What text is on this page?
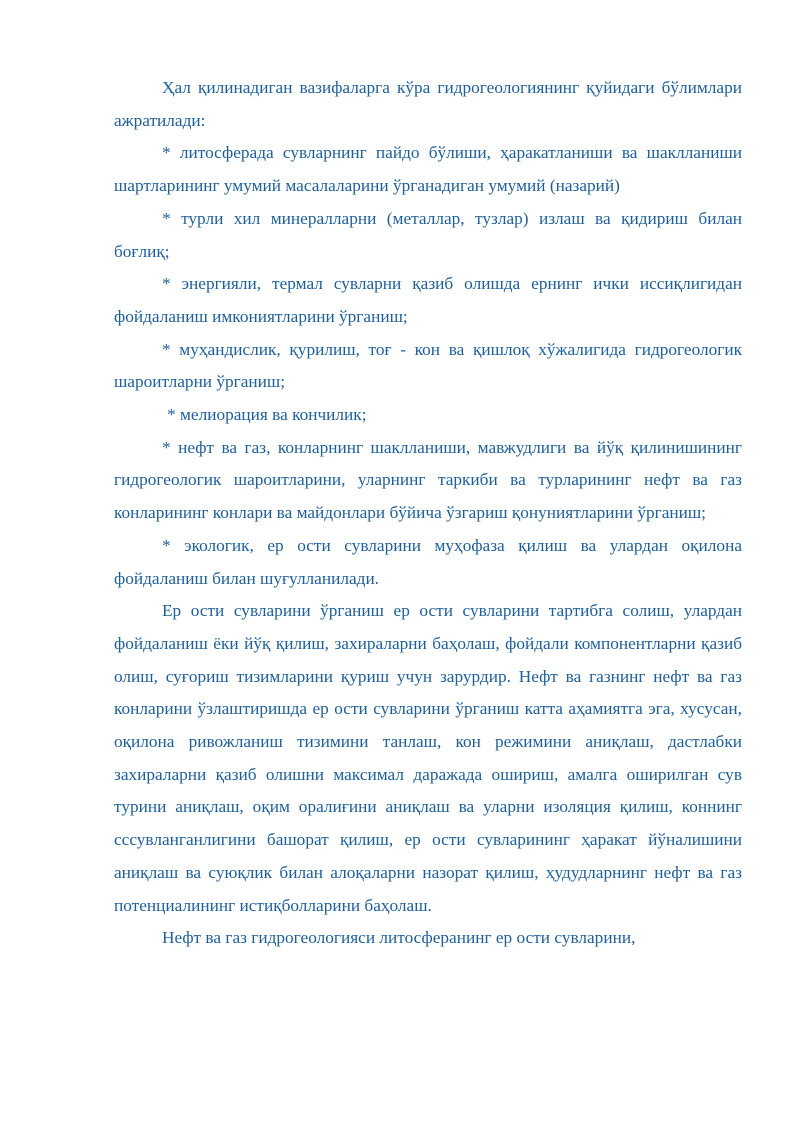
Ҳал қилинадиган вазифаларга кўра гидрогеологиянинг қуйидаги бўлимлари ажратилади:

* литосферада сувларнинг пайдо бўлиши, ҳаракатланиши ва шаклланиши шартларининг умумий масалаларини ўрганадиган умумий (назарий)

* турли хил минералларни (металлар, тузлар) излаш ва қидириш билан боғлиқ;

* энергияли, термал сувларни қазиб олишда ернинг ички иссиқлигидан фойдаланиш имкониятларини ўрганиш;

* муҳандислик, қурилиш, тоғ - кон ва қишлоқ хўжалигида гидрогеологик шароитларни ўрганиш;

* мелиорация ва кончилик;

* нефт ва газ, конларнинг шаклланиши, мавжудлиги ва йўқ қилинишининг гидрогеологик шароитларини, уларнинг таркиби ва турларининг нефт ва газ конларининг конлари ва майдонлари бўйича ўзгариш қонуниятларини ўрганиш;

* экологик, ер ости сувларини муҳофаза қилиш ва улардан оқилона фойдаланиш билан шуғулланилади.

Ер ости сувларини ўрганиш ер ости сувларини тартибга солиш, улардан фойдаланиш ёки йўқ қилиш, захираларни баҳолаш, фойдали компонентларни қазиб олиш, суғориш тизимларини қуриш учун зарурдир. Нефт ва газнинг нефт ва газ конларини ўзлаштиришда ер ости сувларини ўрганиш катта аҳамиятга эга, хусусан, оқилона ривожланиш тизимини танлаш, кон режимини аниқлаш, дастлабки захираларни қазиб олишни максимал даражада ошириш, амалга оширилган сув турини аниқлаш, оқим оралиғини аниқлаш ва уларни изоляция қилиш, коннинг сссувланганлигини башорат қилиш, ер ости сувларининг ҳаракат йўналишини аниқлаш ва суюқлик билан алоқаларни назорат қилиш, ҳудудларнинг нефт ва газ потенциалининг истиқболларини баҳолаш.

Нефт ва газ гидрогеологияси литосферанинг ер ости сувларини,
